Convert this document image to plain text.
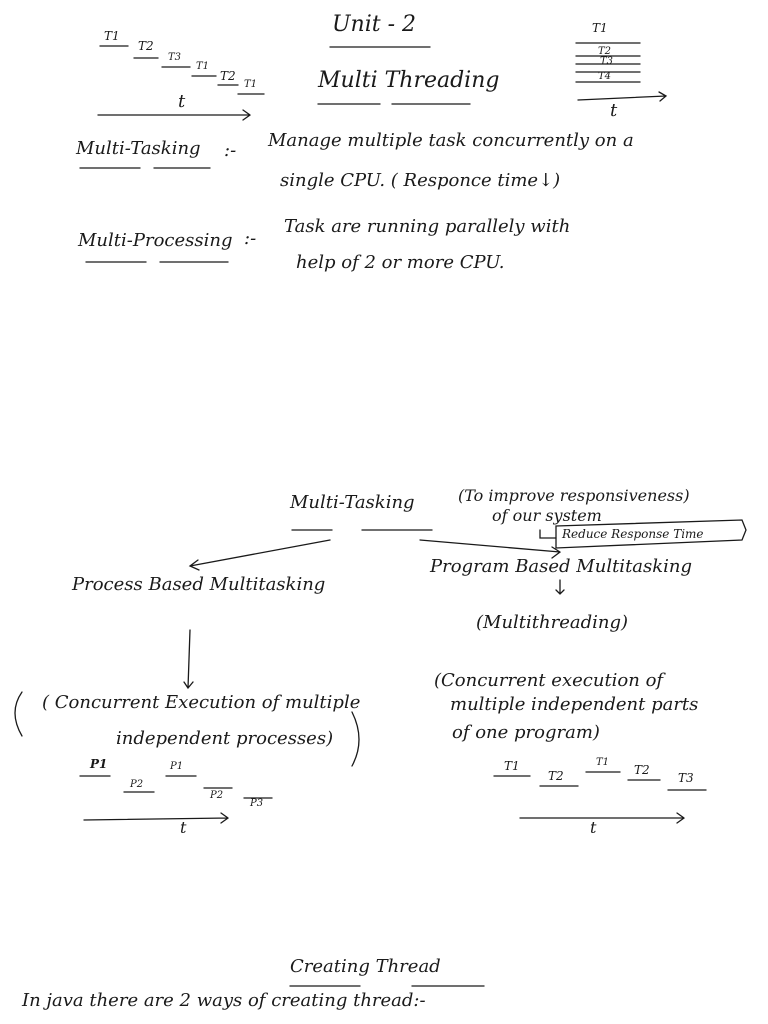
Unit - 2
Multi Threading
T1
T2
T3
T1
T2
T1
t
T1
T2
T3
T4
t
Multi-Tasking :- Manage multiple task concurrently on a
single CPU. ( Responce time↓)
Multi-Processing :-
Task are running parallely with
help of 2 or more CPU.
Multi-Tasking	(To improve responsiveness)
of our system
Reduce Response Time
Process Based Multitasking
Program Based Multitasking
(Multithreading)
( Concurrent Execution of multiple
independent processes)
(Concurrent execution of
multiple independent parts
of one program)
P1
P2
P1
P2
P3
t
T1
T2
T1
T2
T3
t
Creating Thread
In java there are 2 ways of creating thread:-
